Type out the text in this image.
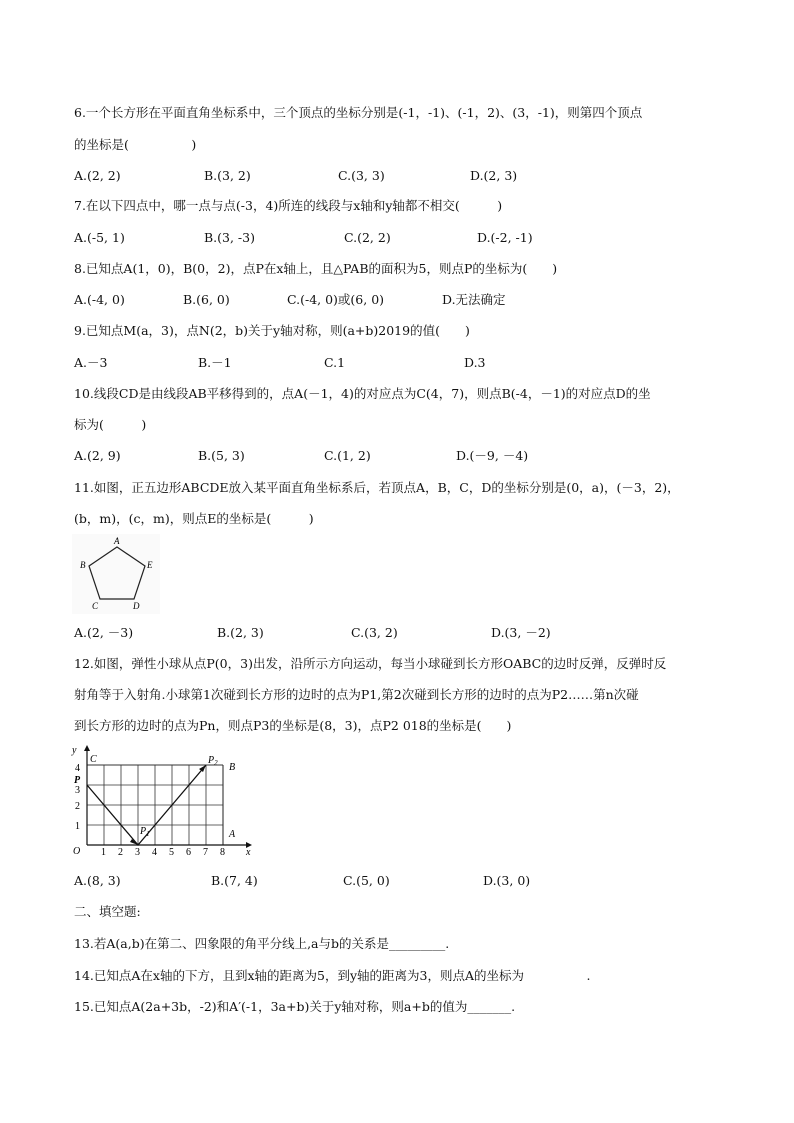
6.一个长方形在平面直角坐标系中，三个顶点的坐标分别是(-1，-1)、(-1，2)、(3，-1)，则第四个顶点
的坐标是(　　　　　)
A.(2, 2)	B.(3, 2)	C.(3, 3)	D.(2, 3)
7.在以下四点中，哪一点与点(-3，4)所连的线段与x轴和y轴都不相交(　　　)
A.(-5, 1)	B.(3, -3)	C.(2, 2)	D.(-2, -1)
8.已知点A(1，0)，B(0，2)，点P在x轴上，且△PAB的面积为5，则点P的坐标为(　　)
A.(-4, 0)	B.(6, 0)	C.(-4, 0)或(6, 0)	D.无法确定
9.已知点M(a，3)，点N(2，b)关于y轴对称，则(a+b)2019的值(　　)
A.－3	B.－1	C.1	D.3
10.线段CD是由线段AB平移得到的，点A(－1，4)的对应点为C(4，7)，则点B(-4，－1)的对应点D的坐
标为(　　　)
A.(2, 9)	B.(5, 3)	C.(1, 2)	D.(－9, －4)
11.如图，正五边形ABCDE放入某平面直角坐标系后，若顶点A，B，C，D的坐标分别是(0，a)，(－3，2)，
(b，m)，(c，m)，则点E的坐标是(　　　)
A
B
C	D
E
A.(2, －3)	B.(2, 3)	C.(3, 2)	D.(3, －2)
12.如图，弹性小球从点P(0，3)出发，沿所示方向运动，每当小球碰到长方形OABC的边时反弹，反弹时反
射角等于入射角.小球第1次碰到长方形的边时的点为P1,第2次碰到长方形的边时的点为P2……第n次碰
到长方形的边时的点为Pn，则点P3的坐标是(8，3)，点P2 018的坐标是(　　)
y
x
O 1 2 3 4 5 6 7 8
1
2
3
4
C
P
B
A
$P_1$
$P_2$
A.(8, 3)	B.(7, 4)	C.(5, 0)	D.(3, 0)
二、填空题:
13.若A(a,b)在第二、四象限的角平分线上,a与b的关系是_________.
14.已知点A在x轴的下方，且到x轴的距离为5，到y轴的距离为3，则点A的坐标为　　　　　.
15.已知点A(2a+3b，-2)和A′(-1，3a+b)关于y轴对称，则a+b的值为_______.
